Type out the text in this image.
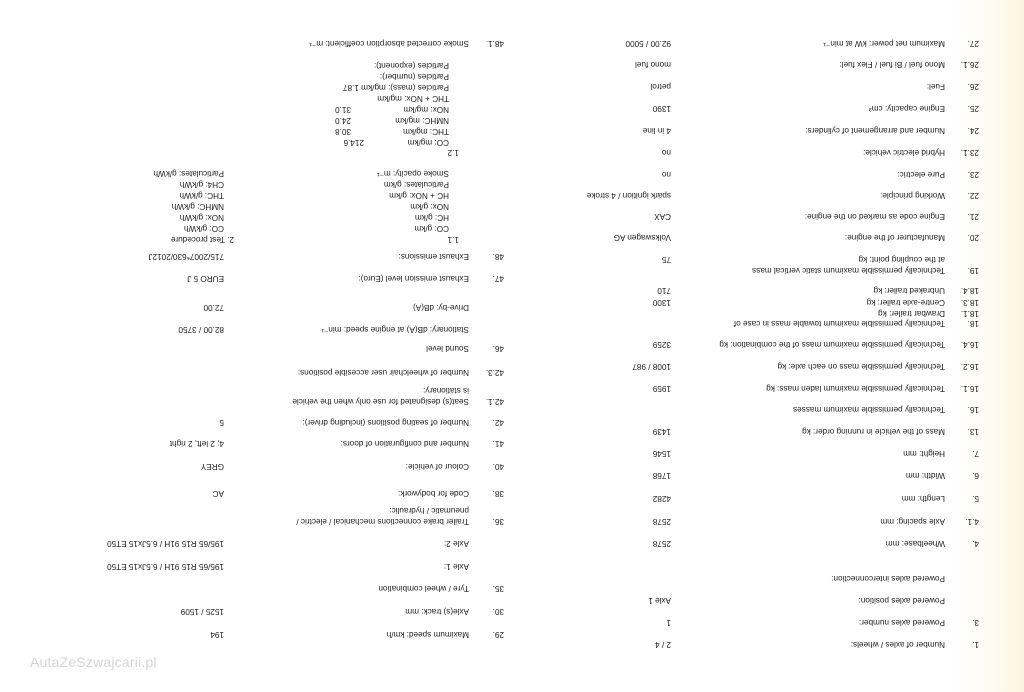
1.
Number of axles / wheels:
2 / 4
3.
Powered axles number:
1
Powered axles position:
Axle 1
Powered axles interconnection:
4.
Wheelbase: mm
2578
4.1.
Axle spacing: mm
2578
5.
Length: mm
4282
6.
Width: mm
1768
7.
Height: mm
1546
13.
Mass of the vehicle in running order: kg
1439
16.
Technically permissible maximum masses
16.1.
Technically permissible maximum laden mass: kg
1959
16.2.
Technically permissible mass on each axle: kg
1008 / 987
16.4.
Technically permissible maximum mass of the combination: kg
3259
18.
Technically permissible maximum towable mass in case of
18.1.
Drawbar trailer: kg
18.3.
Centre-axle trailer: kg
1300
18.4.
Unbraked trailer: kg
710
19.
Technically permissible maximum static vertical mass
at the coupling point: kg
75
20.
Manufacturer of the engine:
Volkswagen AG
21.
Engine code as marked on the engine:
CAX
22.
Working principle:
spark ignition / 4 stroke
23.
Pure electric:
no
23.1.
Hybrid electric vehicle:
no
24.
Number and arrangement of cylinders:
4 in line
25.
Engine capacity: cm³
1390
26.
Fuel:
petrol
26.1.
Mono fuel / Bi fuel / Flex fuel:
mono fuel
27.
Maximum net power: kW at min⁻¹
92.00 / 5000
29.
Maximum speed: km/h
194
30.
Axle(s) track: mm
1525 / 1509
35.
Tyre / wheel combination
Axle 1:
195/65 R15 91H / 6.5Jx15 ET50
Axle 2:
195/65 R15 91H / 6.5Jx15 ET50
36.
Trailer brake connections mechanical / electric /
pneumatic / hydraulic:
38.
Code for bodywork:
AC
40.
Colour of vehicle:
GREY
41.
Number and configuration of doors:
4; 2 left, 2 right
42.
Number of seating positions (including driver):
5
42.1.
Seat(s) designated for use only when the vehicle
is stationary:
42.3.
Number of wheelchair user accesible positions:
46.
Sound level
Stationary: dB(A) at engine speed: min⁻¹
82.00 / 3750
Drive-by: dB(A)
72.00
47.
Exhaust emission level (Euro):
EURO 5 J
48.
Exhaust emissions:
715/2007*630/2012J
48.1.
Smoke corrected absorption coefficient: m⁻¹
1.1
CO: g/km
HC: g/km
NOx: g/km
HC + NOx: g/km
Particulates: g/km
Smoke opacity: m⁻¹
1.2
CO: mg/km
THC: mg/km
NMHC: mg/km
NOx: mg/km
THC + NOx: mg/km
Particles (mass): mg/km 1.87
Particles (number):
Particles (exponent):
214.6
30.8
24.0
31.0
2. Test procedure
CO: g/kWh
NOx: g/kWh
NMHC: g/kWh
THC: g/kWh
CH4: g/kWh
Particulates: g/kWh
AutaZeSzwajcarii.pl
